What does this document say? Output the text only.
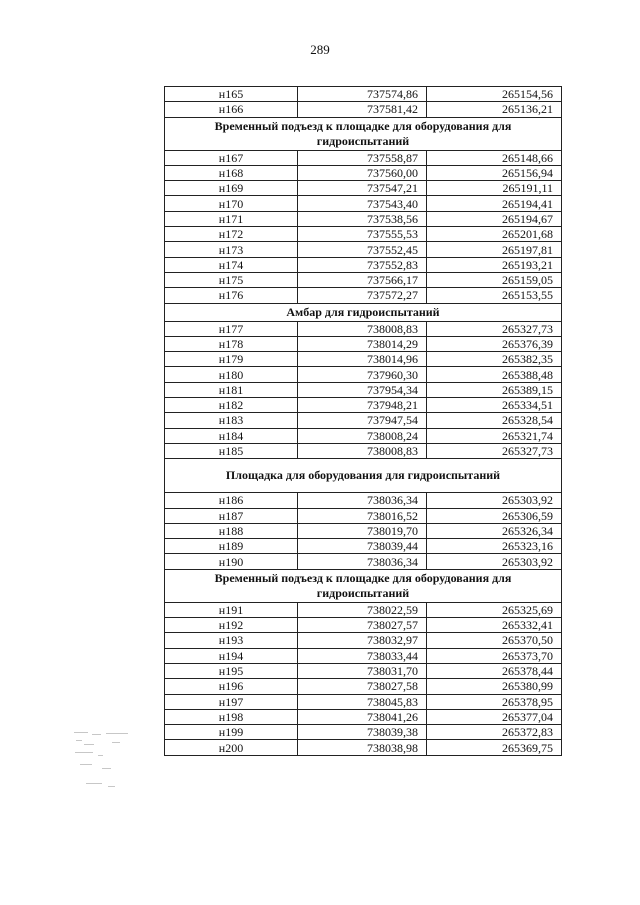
289
н165	737574,86	265154,56
н166	737581,42	265136,21
Временный подъезд к площадке для оборудования для гидроиспытаний		
н167	737558,87	265148,66
н168	737560,00	265156,94
н169	737547,21	265191,11
н170	737543,40	265194,41
н171	737538,56	265194,67
н172	737555,53	265201,68
н173	737552,45	265197,81
н174	737552,83	265193,21
н175	737566,17	265159,05
н176	737572,27	265153,55
Амбар для гидроиспытаний		
н177	738008,83	265327,73
н178	738014,29	265376,39
н179	738014,96	265382,35
н180	737960,30	265388,48
н181	737954,34	265389,15
н182	737948,21	265334,51
н183	737947,54	265328,54
н184	738008,24	265321,74
н185	738008,83	265327,73
Площадка для оборудования для гидроиспытаний		
н186	738036,34	265303,92
н187	738016,52	265306,59
н188	738019,70	265326,34
н189	738039,44	265323,16
н190	738036,34	265303,92
Временный подъезд к площадке для оборудования для гидроиспытаний		
н191	738022,59	265325,69
н192	738027,57	265332,41
н193	738032,97	265370,50
н194	738033,44	265373,70
н195	738031,70	265378,44
н196	738027,58	265380,99
н197	738045,83	265378,95
н198	738041,26	265377,04
н199	738039,38	265372,83
н200	738038,98	265369,75
